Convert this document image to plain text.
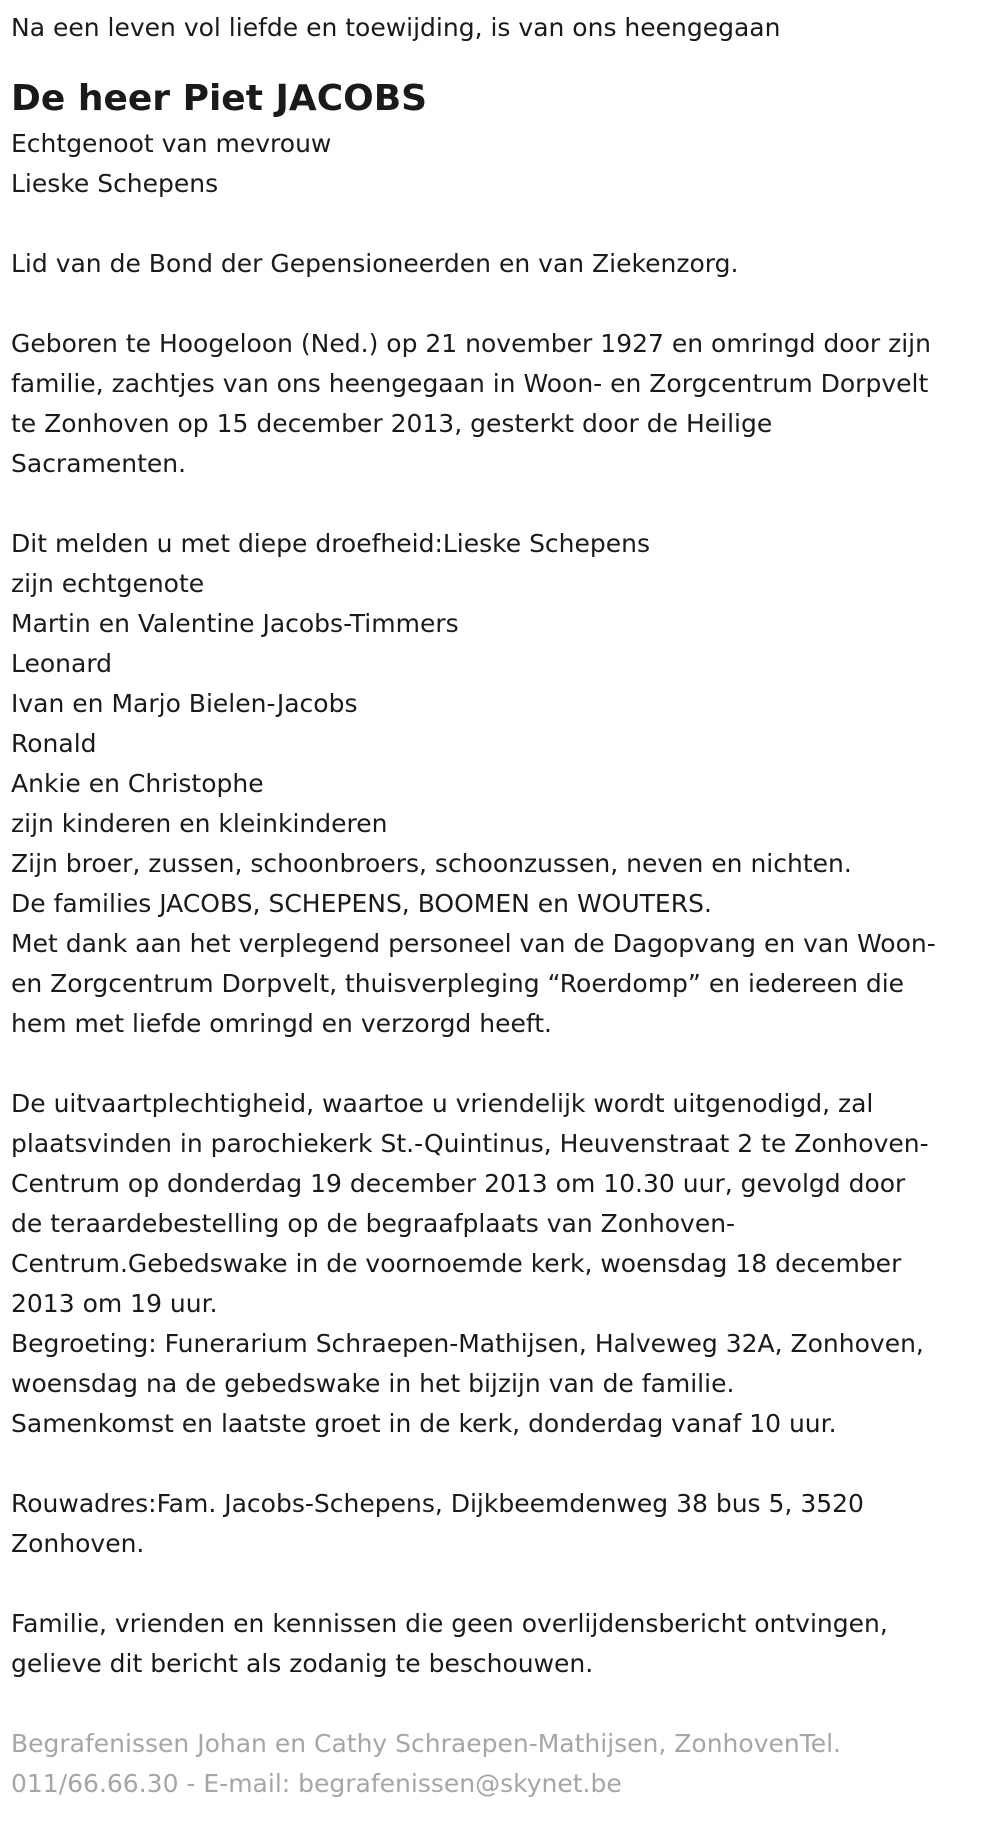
Na een leven vol liefde en toewijding, is van ons heengegaan

De heer Piet JACOBS

Echtgenoot van mevrouw

Lieske Schepens

Lid van de Bond der Gepensioneerden en van Ziekenzorg.

Geboren te Hoogeloon (Ned.) op 21 november 1927 en omringd door zijn

familie, zachtjes van ons heengegaan in Woon- en Zorgcentrum Dorpvelt

te Zonhoven op 15 december 2013, gesterkt door de Heilige

Sacramenten.

Dit melden u met diepe droefheid:Lieske Schepens

zijn echtgenote

Martin en Valentine Jacobs-Timmers

Leonard

Ivan en Marjo Bielen-Jacobs

Ronald

Ankie en Christophe

zijn kinderen en kleinkinderen

Zijn broer, zussen, schoonbroers, schoonzussen, neven en nichten.

De families JACOBS, SCHEPENS, BOOMEN en WOUTERS.

Met dank aan het verplegend personeel van de Dagopvang en van Woon-

en Zorgcentrum Dorpvelt, thuisverpleging “Roerdomp” en iedereen die

hem met liefde omringd en verzorgd heeft.

De uitvaartplechtigheid, waartoe u vriendelijk wordt uitgenodigd, zal

plaatsvinden in parochiekerk St.-Quintinus, Heuvenstraat 2 te Zonhoven-

Centrum op donderdag 19 december 2013 om 10.30 uur, gevolgd door

de teraardebestelling op de begraafplaats van Zonhoven-

Centrum.Gebedswake in de voornoemde kerk, woensdag 18 december

2013 om 19 uur.

Begroeting: Funerarium Schraepen-Mathijsen, Halveweg 32A, Zonhoven,

woensdag na de gebedswake in het bijzijn van de familie.

Samenkomst en laatste groet in de kerk, donderdag vanaf 10 uur.

Rouwadres:Fam. Jacobs-Schepens, Dijkbeemdenweg 38 bus 5, 3520

Zonhoven.

Familie, vrienden en kennissen die geen overlijdensbericht ontvingen,

gelieve dit bericht als zodanig te beschouwen.

Begrafenissen Johan en Cathy Schraepen-Mathijsen, ZonhovenTel.

011/66.66.30 - E-mail: begrafenissen@skynet.be
